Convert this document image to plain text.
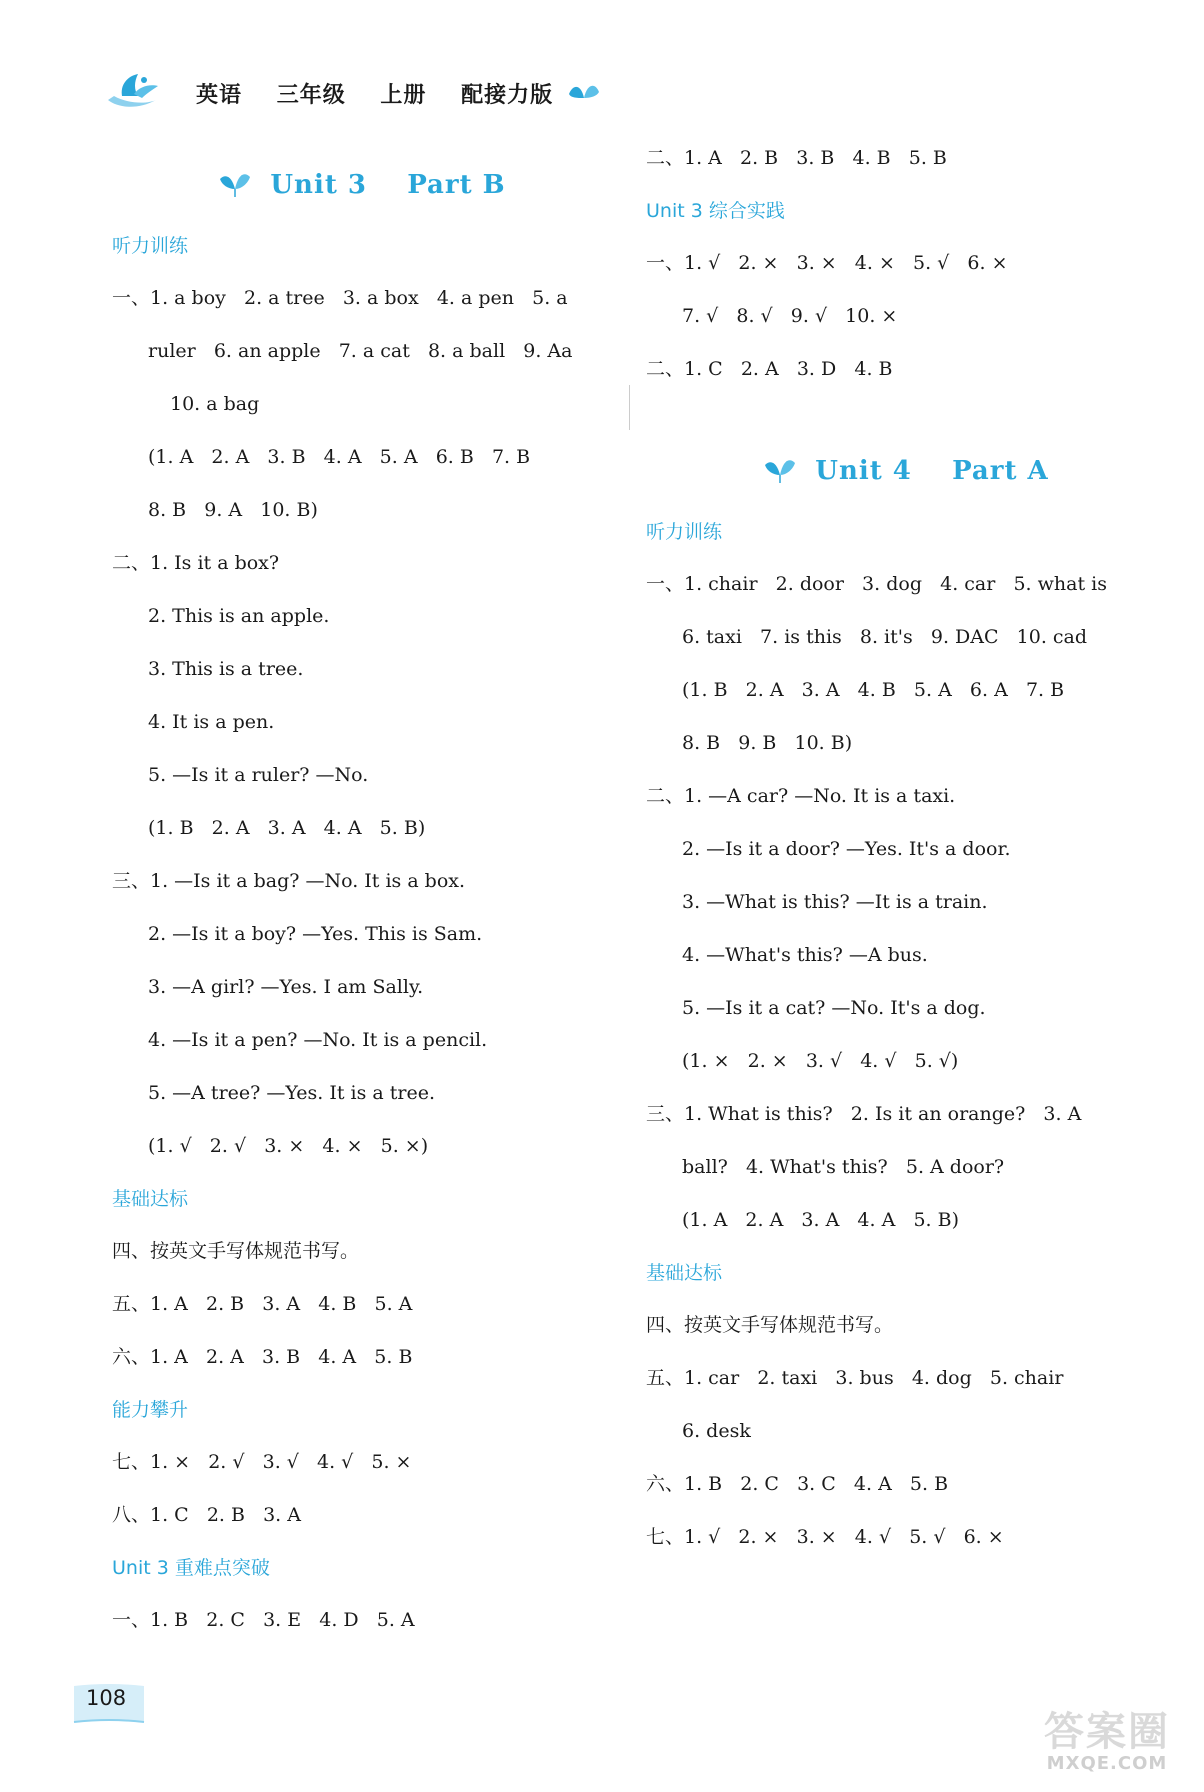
英语 三年级 上册 配接力版
Unit 3    Part B
听力训练
一、1. a boy   2. a tree   3. a box   4. a pen   5. a
ruler   6. an apple   7. a cat   8. a ball   9. Aa
10. a bag
(1. A   2. A   3. B   4. A   5. A   6. B   7. B
8. B   9. A   10. B)
二、1. Is it a box?
2. This is an apple.
3. This is a tree.
4. It is a pen.
5. —Is it a ruler? —No.
(1. B   2. A   3. A   4. A   5. B)
三、1. —Is it a bag? —No. It is a box.
2. —Is it a boy? —Yes. This is Sam.
3. —A girl? —Yes. I am Sally.
4. —Is it a pen? —No. It is a pencil.
5. —A tree? —Yes. It is a tree.
(1. √   2. √   3. ×   4. ×   5. ×)
基础达标
四、按英文手写体规范书写。
五、1. A   2. B   3. A   4. B   5. A
六、1. A   2. A   3. B   4. A   5. B
能力攀升
七、1. ×   2. √   3. √   4. √   5. ×
八、1. C   2. B   3. A
Unit 3 重难点突破
一、1. B   2. C   3. E   4. D   5. A
二、1. A   2. B   3. B   4. B   5. B
Unit 3 综合实践
一、1. √   2. ×   3. ×   4. ×   5. √   6. ×
7. √   8. √   9. √   10. ×
二、1. C   2. A   3. D   4. B
Unit 4    Part A
听力训练
一、1. chair   2. door   3. dog   4. car   5. what is
6. taxi   7. is this   8. it's   9. DAC   10. cad
(1. B   2. A   3. A   4. B   5. A   6. A   7. B
8. B   9. B   10. B)
二、1. —A car? —No. It is a taxi.
2. —Is it a door? —Yes. It's a door.
3. —What is this? —It is a train.
4. —What's this? —A bus.
5. —Is it a cat? —No. It's a dog.
(1. ×   2. ×   3. √   4. √   5. √)
三、1. What is this?   2. Is it an orange?   3. A
ball?   4. What's this?   5. A door?
(1. A   2. A   3. A   4. A   5. B)
基础达标
四、按英文手写体规范书写。
五、1. car   2. taxi   3. bus   4. dog   5. chair
6. desk
六、1. B   2. C   3. C   4. A   5. B
七、1. √   2. ×   3. ×   4. √   5. √   6. ×
108
答案圈
MXQE.COM
